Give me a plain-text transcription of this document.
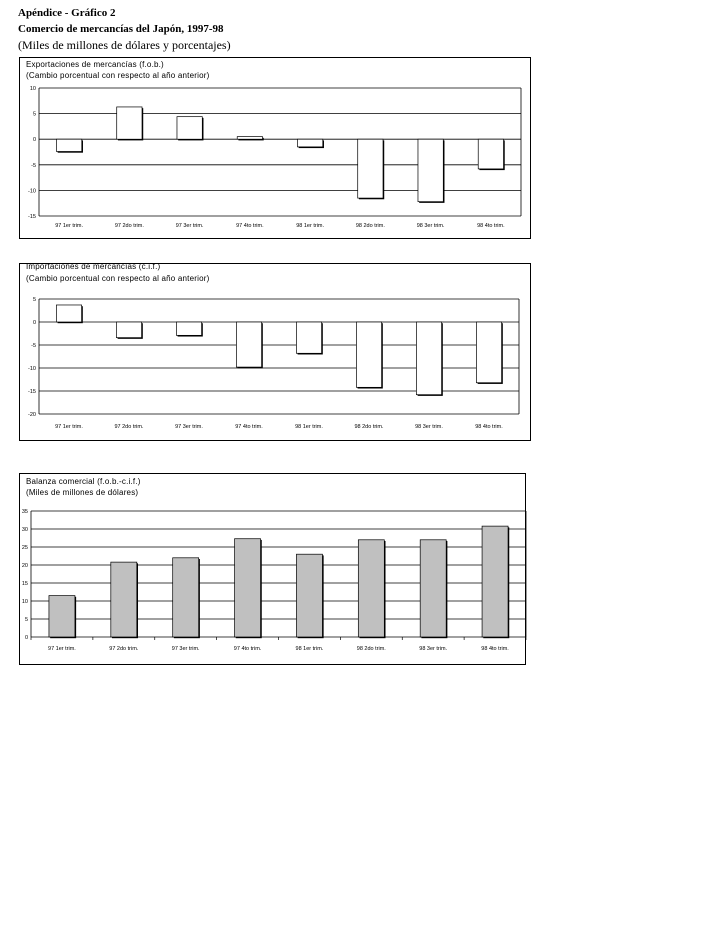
Apéndice - Gráfico 2
Comercio de mercancías del Japón, 1997-98
(Miles de millones de dólares y porcentajes)
Exportaciones de mercancías (f.o.b.)
(Cambio porcentual con respecto al año anterior)
10
5
0
-5
-10
-15
97 1er trim.	97 2do trim.	97 3er trim.	97 4to trim.	98 1er trim.	98 2do trim.	98 3er trim.	98 4to trim.
Importaciones de mercancías (c.i.f.)
(Cambio porcentual con respecto al año anterior)
5
0
-5
-10
-15
-20
97 1er trim.	97 2do trim.	97 3er trim.	97 4to trim.	98 1er trim.	98 2do trim.	98 3er trim.	98 4to trim.
Balanza comercial (f.o.b.-c.i.f.)
(Miles de millones de dólares)
35
30
25
20
15
10
5
0
97 1er trim.	97 2do trim.	97 3er trim.	97 4to trim.	98 1er trim.	98 2do trim.	98 3er trim.	98 4to trim.
